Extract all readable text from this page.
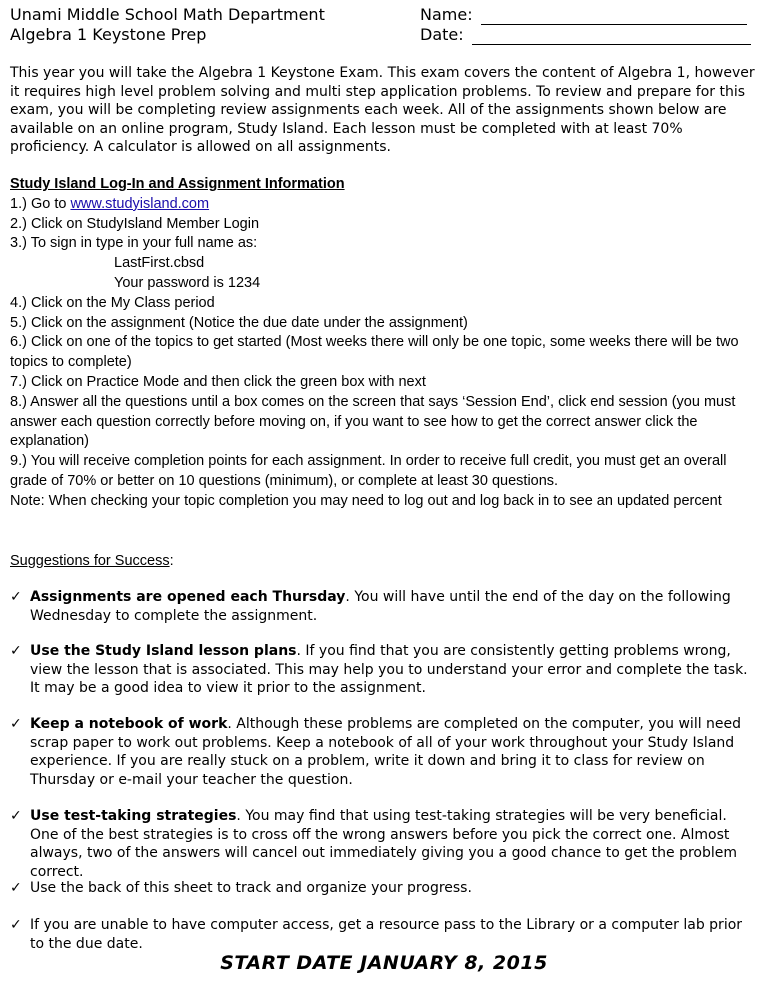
Unami Middle School Math Department
Algebra 1 Keystone Prep
Name:
Date:
This year you will take the Algebra 1 Keystone Exam. This exam covers the content of Algebra 1, however it requires high level problem solving and multi step application problems. To review and prepare for this exam, you will be completing review assignments each week. All of the assignments shown below are available on an online program, Study Island. Each lesson must be completed with at least 70% proficiency. A calculator is allowed on all assignments.
Study Island Log-In and Assignment Information
1.) Go to www.studyisland.com
2.) Click on StudyIsland Member Login
3.) To sign in type in your full name as:
LastFirst.cbsd
Your password is 1234
4.) Click on the My Class period
5.) Click on the assignment (Notice the due date under the assignment)
6.) Click on one of the topics to get started (Most weeks there will only be one topic, some weeks there will be two topics to complete)
7.) Click on Practice Mode and then click the green box with next
8.) Answer all the questions until a box comes on the screen that says ‘Session End’, click end session (you must answer each question correctly before moving on, if you want to see how to get the correct answer click the explanation)
9.) You will receive completion points for each assignment. In order to receive full credit, you must get an overall grade of 70% or better on 10 questions (minimum), or complete at least 30 questions.
Note: When checking your topic completion you may need to log out and log back in to see an updated percent
Suggestions for Success:
✓ Assignments are opened each Thursday. You will have until the end of the day on the following Wednesday to complete the assignment.
✓ Use the Study Island lesson plans. If you find that you are consistently getting problems wrong, view the lesson that is associated. This may help you to understand your error and complete the task. It may be a good idea to view it prior to the assignment.
✓ Keep a notebook of work. Although these problems are completed on the computer, you will need scrap paper to work out problems. Keep a notebook of all of your work throughout your Study Island experience. If you are really stuck on a problem, write it down and bring it to class for review on Thursday or e-mail your teacher the question.
✓ Use test-taking strategies. You may find that using test-taking strategies will be very beneficial. One of the best strategies is to cross off the wrong answers before you pick the correct one. Almost always, two of the answers will cancel out immediately giving you a good chance to get the problem correct.
✓ Use the back of this sheet to track and organize your progress.
✓ If you are unable to have computer access, get a resource pass to the Library or a computer lab prior to the due date.
START DATE JANUARY 8, 2015
